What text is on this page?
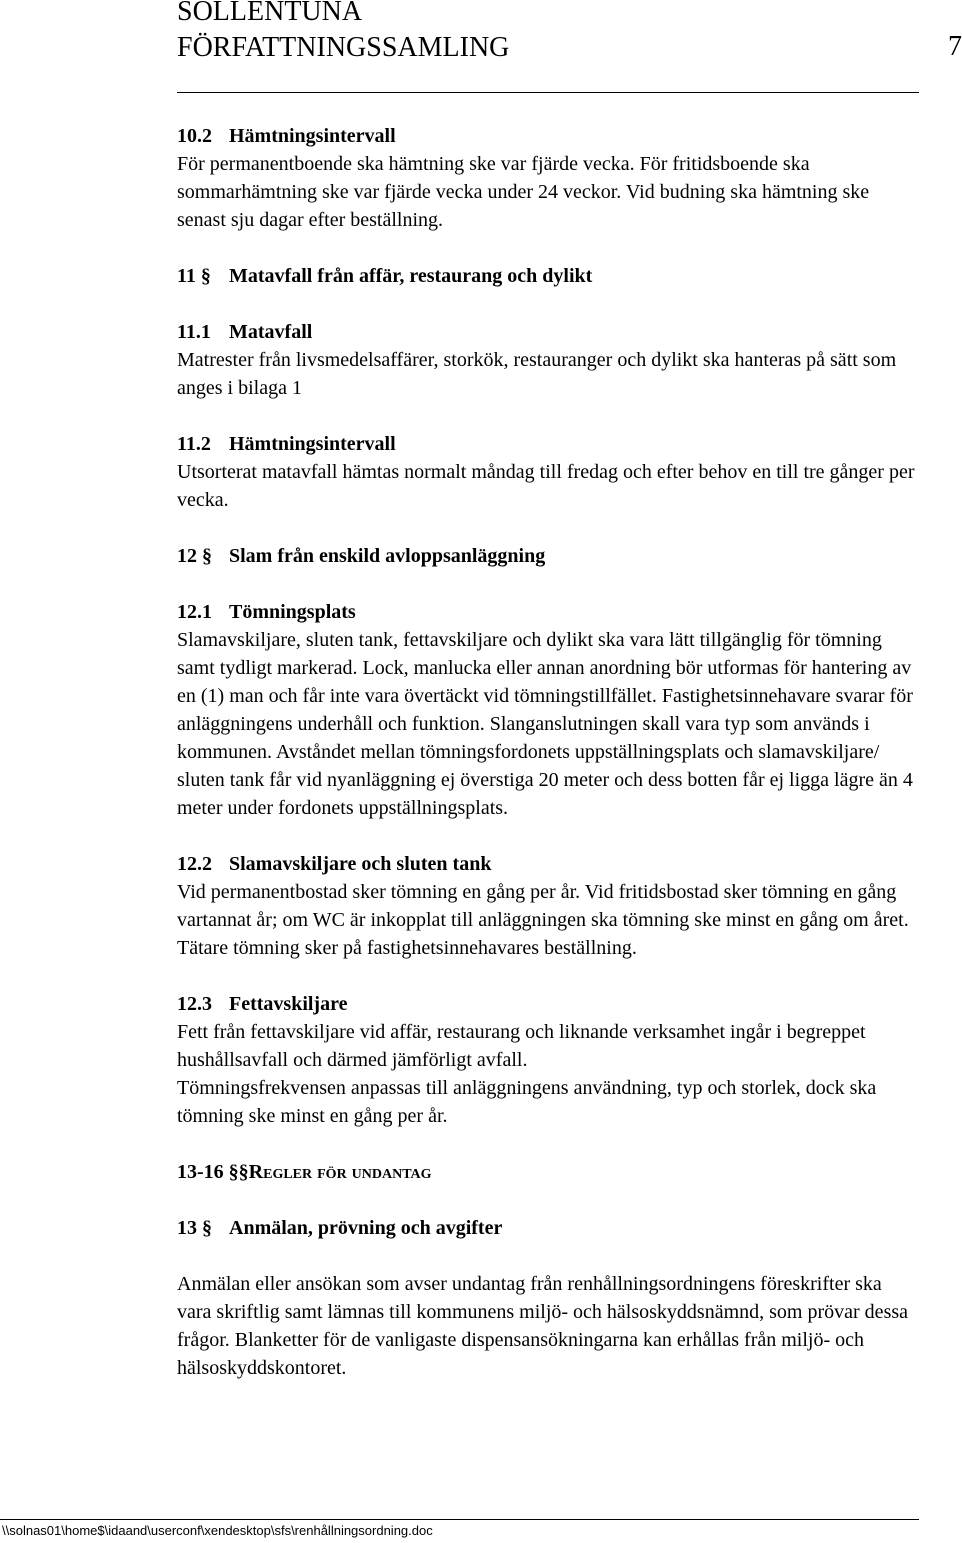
SOLLENTUNA
FÖRFATTNINGSSAMLING	7

10.2 Hämtningsintervall
För permanentboende ska hämtning ske var fjärde vecka. För fritidsboende ska sommarhämtning ske var fjärde vecka under 24 veckor. Vid budning ska hämtning ske senast sju dagar efter beställning.

11 § Matavfall från affär, restaurang och dylikt

11.1 Matavfall
Matrester från livsmedelsaffärer, storkök, restauranger och dylikt ska hanteras på sätt som anges i bilaga 1

11.2 Hämtningsintervall
Utsorterat matavfall hämtas normalt måndag till fredag och efter behov en till tre gånger per vecka.

12 § Slam från enskild avloppsanläggning

12.1 Tömningsplats
Slamavskiljare, sluten tank, fettavskiljare och dylikt ska vara lätt tillgänglig för tömning samt tydligt markerad. Lock, manlucka eller annan anordning bör utformas för hantering av en (1) man och får inte vara övertäckt vid tömningstillfället. Fastighetsinnehavare svarar för anläggningens underhåll och funktion. Slanganslutningen skall vara typ som används i kommunen. Avståndet mellan tömningsfordonets uppställningsplats och slamavskiljare/ sluten tank får vid nyanläggning ej överstiga 20 meter och dess botten får ej ligga lägre än 4 meter under fordonets uppställningsplats.

12.2 Slamavskiljare och sluten tank
Vid permanentbostad sker tömning en gång per år. Vid fritidsbostad sker tömning en gång vartannat år; om WC är inkopplat till anläggningen ska tömning ske minst en gång om året. Tätare tömning sker på fastighetsinnehavares beställning.

12.3 Fettavskiljare
Fett från fettavskiljare vid affär, restaurang och liknande verksamhet ingår i begreppet hushållsavfall och därmed jämförligt avfall.
Tömningsfrekvensen anpassas till anläggningens användning, typ och storlek, dock ska tömning ske minst en gång per år.

13-16 §§ Regler för undantag
13 § Anmälan, prövning och avgifter

Anmälan eller ansökan som avser undantag från renhållningsordningens föreskrifter ska vara skriftlig samt lämnas till kommunens miljö- och hälsoskyddsnämnd, som prövar dessa frågor. Blanketter för de vanligaste dispensansökningarna kan erhållas från miljö- och hälsoskyddskontoret.

\\solnas01\home$\idaand\userconf\xendesktop\sfs\renhållningsordning.doc
